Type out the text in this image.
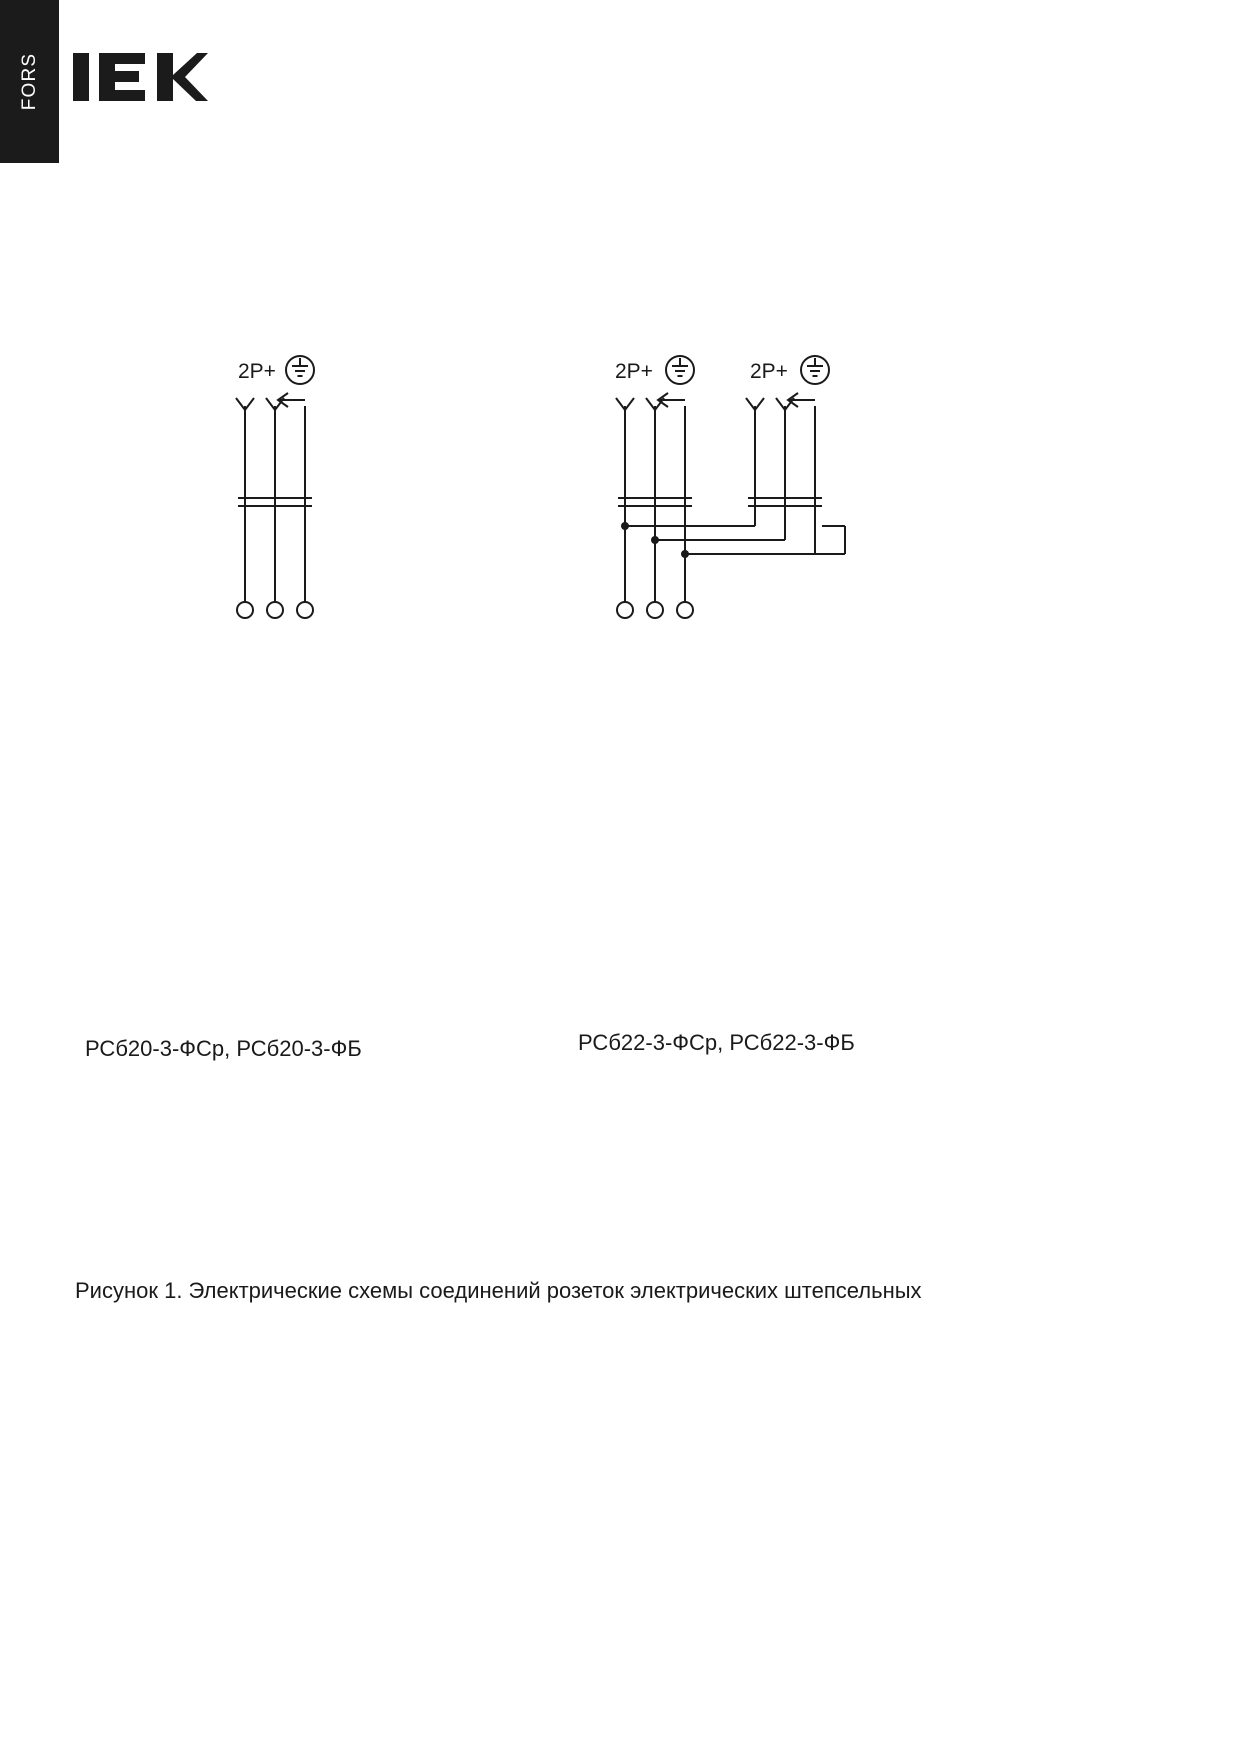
FORS
2P+	2P+	2P+
РСб20-3-ФСр, РСб20-3-ФБ	РСб22-3-ФСр, РСб22-3-ФБ
Рисунок 1. Электрические схемы соединений розеток электрических штепсельных
